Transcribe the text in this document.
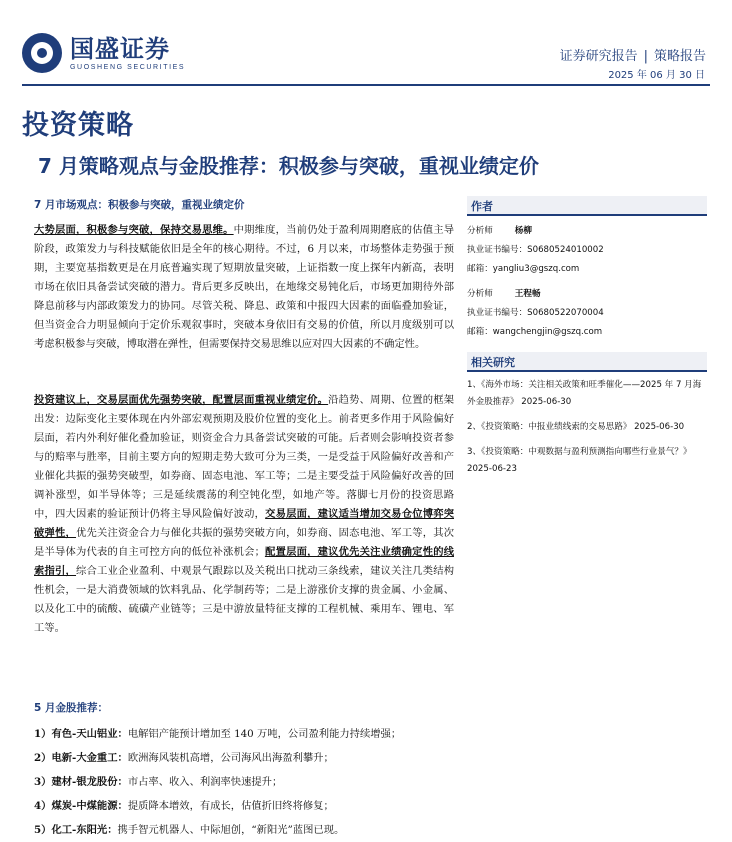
国盛证券
GUOSHENG SECURITIES
证券研究报告 | 策略报告
2025 年 06 月 30 日
投资策略
7 月策略观点与金股推荐：积极参与突破，重视业绩定价
7 月市场观点：积极参与突破，重视业绩定价
大势层面，积极参与突破，保持交易思维。中期维度，当前仍处于盈利周期磨底的估值主导阶段，政策发力与科技赋能依旧是全年的核心期待。不过，6 月以来，市场整体走势强于预期，主要宽基指数更是在月底普遍实现了短期放量突破，上证指数一度上探年内新高，表明市场在依旧具备尝试突破的潜力。背后更多反映出，在地缘交易钝化后，市场更加期待外部降息前移与内部政策发力的协同。尽管关税、降息、政策和中报四大因素的面临叠加验证，但当资金合力明显倾向于定价乐观叙事时，突破本身依旧有交易的价值，所以月度级别可以考虑积极参与突破，博取潜在弹性，但需要保持交易思维以应对四大因素的不确定性。
投资建议上，交易层面优先强势突破，配置层面重视业绩定价。沿趋势、周期、位置的框架出发：边际变化主要体现在内外部宏观预期及股价位置的变化上。前者更多作用于风险偏好层面，若内外利好催化叠加验证，则资金合力具备尝试突破的可能。后者则会影响投资者参与的赔率与胜率，目前主要方向的短期走势大致可分为三类，一是受益于风险偏好改善和产业催化共振的强势突破型，如券商、固态电池、军工等；二是主要受益于风险偏好改善的回调补涨型，如半导体等；三是延续震荡的利空钝化型，如地产等。落脚七月份的投资思路中，四大因素的验证预计仍将主导风险偏好波动，交易层面，建议适当增加交易仓位博弈突破弹性，优先关注资金合力与催化共振的强势突破方向，如券商、固态电池、军工等，其次是半导体为代表的自主可控方向的低位补涨机会；配置层面，建议优先关注业绩确定性的线索指引，综合工业企业盈利、中观景气跟踪以及关税出口扰动三条线索，建议关注几类结构性机会，一是大消费领域的饮料乳品、化学制药等；二是上游涨价支撑的贵金属、小金属、以及化工中的硫酸、硫磺产业链等；三是中游放量特征支撑的工程机械、乘用车、锂电、军工等。
5 月金股推荐：
1）有色-天山铝业：电解铝产能预计增加至 140 万吨，公司盈利能力持续增强；
2）电新-大金重工：欧洲海风装机高增，公司海风出海盈利攀升；
3）建材-银龙股份：市占率、收入、利润率快速提升；
4）煤炭-中煤能源：提质降本增效，有成长，估值折旧终将修复；
5）化工-东阳光：携手智元机器人、中际旭创，“新阳光”蓝图已现。
作者
分析师	杨柳
执业证书编号：S0680524010002
邮箱：yangliu3@gszq.com
分析师	王程畅
执业证书编号：S0680522070004
邮箱：wangchengjin@gszq.com
相关研究
1、《海外市场：关注相关政策和旺季催化——2025 年 7 月海外金股推荐》 2025-06-30
2、《投资策略：中报业绩线索的交易思路》 2025-06-30
3、《投资策略：中观数据与盈利预测指向哪些行业景气？》 2025-06-23
